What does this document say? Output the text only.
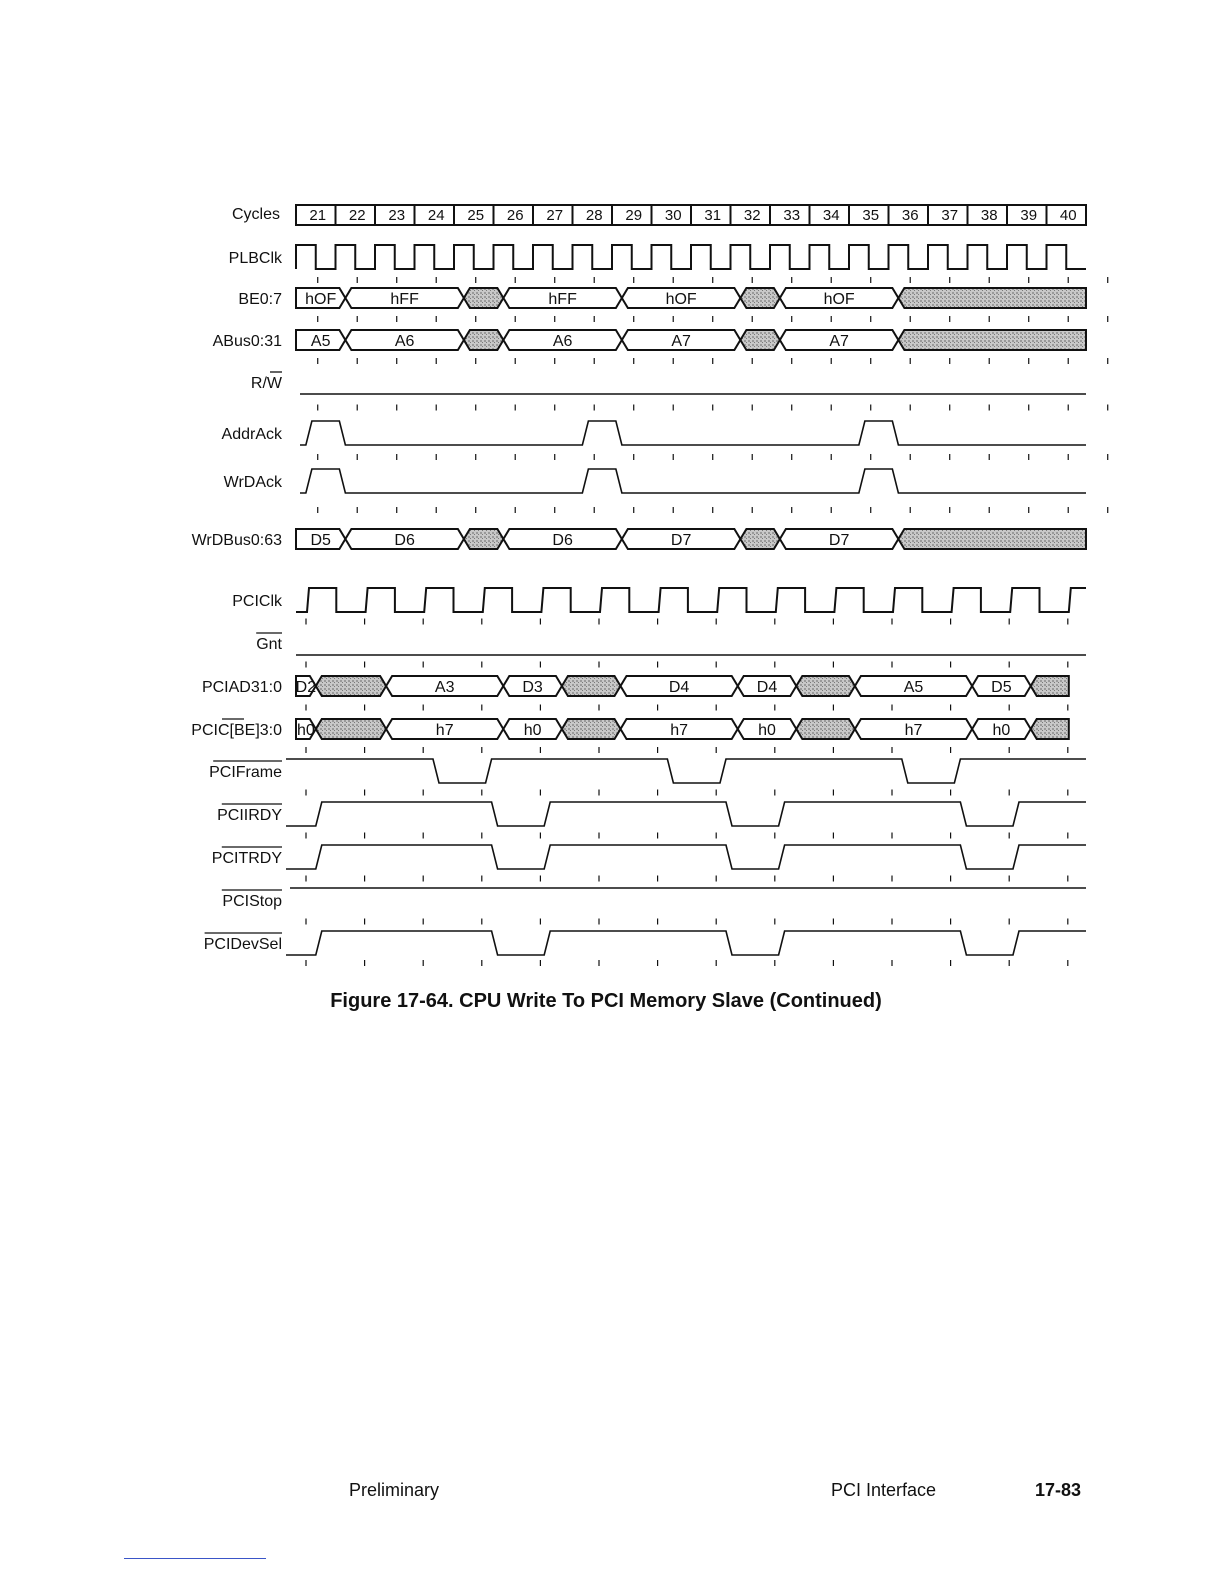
Cycles 21 22 23 24 25 26 27 28 29 30 31 32 33 34 35 36 37 38 39 40
PLBClk
BE0:7 hOF	hFF	hFF	hOF	hOF
ABus0:31 A5	A6	A6	A7	A7
R/W
AddrAck
WrDAck
WrDBus0:63 D5	D6	D6	D7	D7
PCIClk
Gnt
PCIAD31:0 D2	A3	D3	D4	D4	A5	D5
PCIC[BE]3:0 h0	h7	h0	h7	h0	h7	h0
PCIFrame
PCIIRDY
PCITRDY
PCIStop
PCIDevSel
Figure 17-64. CPU Write To PCI Memory Slave (Continued)
Preliminary	PCI Interface	17-83
